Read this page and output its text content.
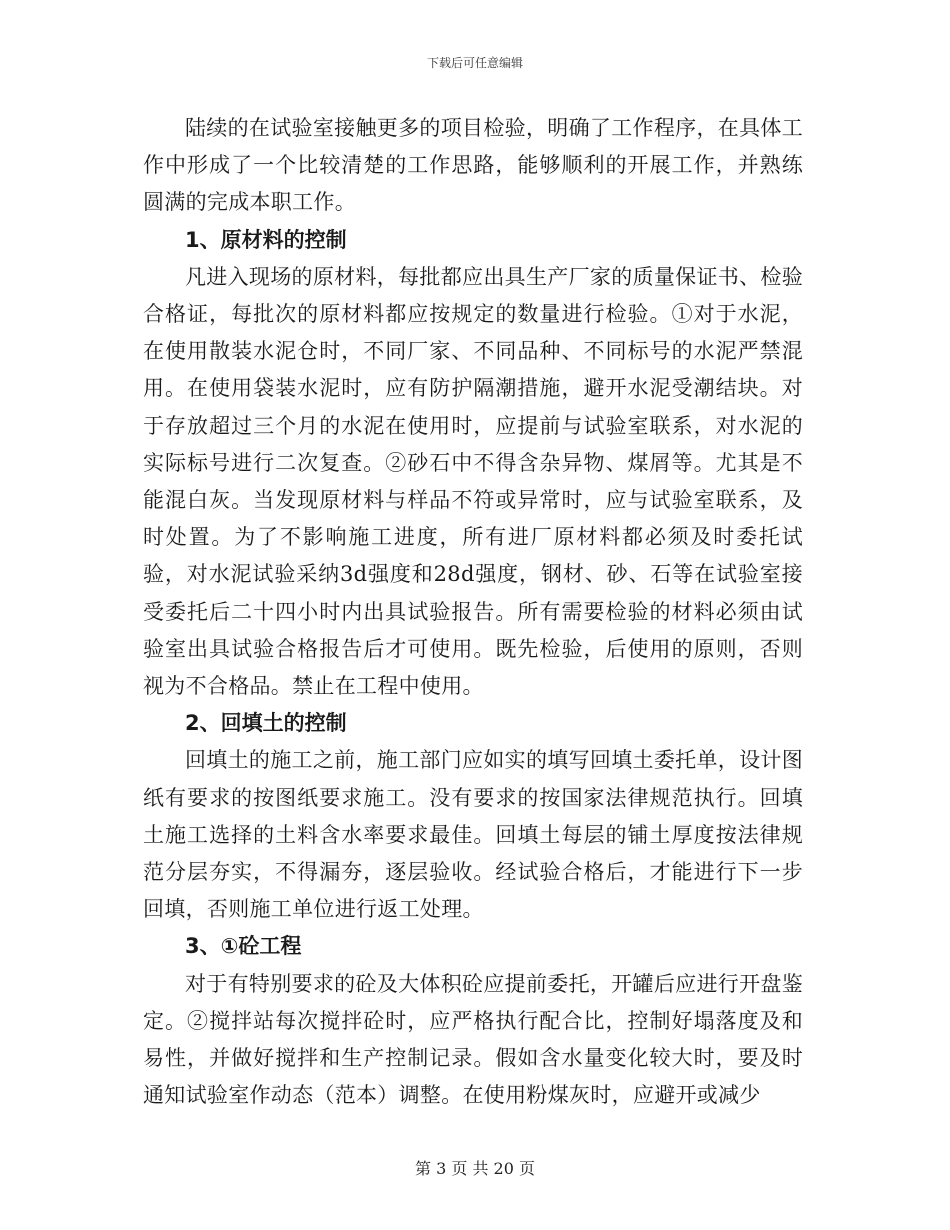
下载后可任意编辑

陆续的在试验室接触更多的项目检验，明确了工作程序，在具体工作中形成了一个比较清楚的工作思路，能够顺利的开展工作，并熟练圆满的完成本职工作。

1、原材料的控制

凡进入现场的原材料，每批都应出具生产厂家的质量保证书、检验合格证，每批次的原材料都应按规定的数量进行检验。①对于水泥，在使用散装水泥仓时，不同厂家、不同品种、不同标号的水泥严禁混用。在使用袋装水泥时，应有防护隔潮措施，避开水泥受潮结块。对于存放超过三个月的水泥在使用时，应提前与试验室联系，对水泥的实际标号进行二次复查。②砂石中不得含杂异物、煤屑等。尤其是不能混白灰。当发现原材料与样品不符或异常时，应与试验室联系，及时处置。为了不影响施工进度，所有进厂原材料都必须及时委托试验，对水泥试验采纳3d强度和28d强度，钢材、砂、石等在试验室接受委托后二十四小时内出具试验报告。所有需要检验的材料必须由试验室出具试验合格报告后才可使用。既先检验，后使用的原则，否则视为不合格品。禁止在工程中使用。

2、回填土的控制

回填土的施工之前，施工部门应如实的填写回填土委托单，设计图纸有要求的按图纸要求施工。没有要求的按国家法律规范执行。回填土施工选择的土料含水率要求最佳。回填土每层的铺土厚度按法律规范分层夯实，不得漏夯，逐层验收。经试验合格后，才能进行下一步回填，否则施工单位进行返工处理。

3、①砼工程

对于有特别要求的砼及大体积砼应提前委托，开罐后应进行开盘鉴定。②搅拌站每次搅拌砼时，应严格执行配合比，控制好塌落度及和易性，并做好搅拌和生产控制记录。假如含水量变化较大时，要及时通知试验室作动态（范本）调整。在使用粉煤灰时，应避开或减少

第 3 页 共 20 页
